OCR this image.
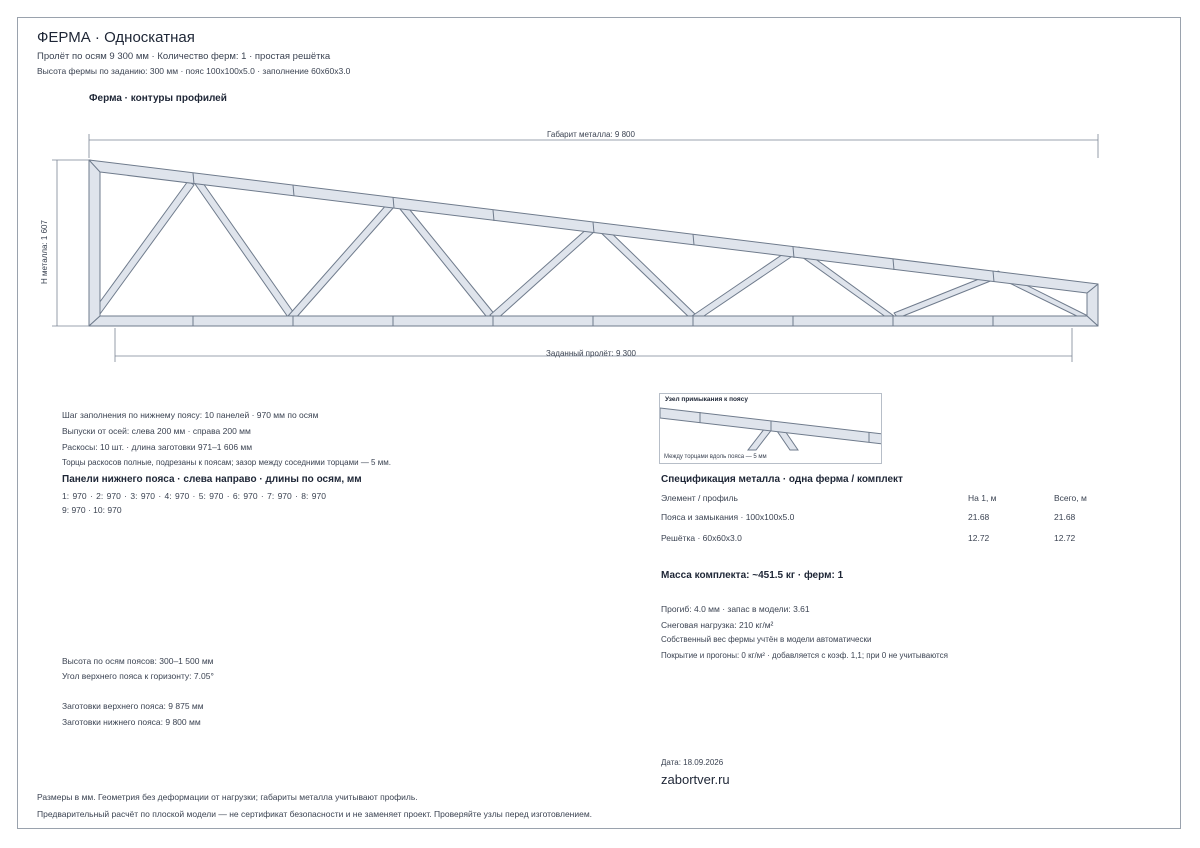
ФЕРМА · Односкатная
Пролёт по осям 9 300 мм · Количество ферм: 1 · простая решётка
Высота фермы по заданию: 300 мм · пояс 100х100х5.0 · заполнение 60х60х3.0
Ферма · контуры профилей
Габарит металла: 9 800
Н металла: 1 607
Заданный пролёт: 9 300
Шаг заполнения по нижнему поясу: 10 панелей · 970 мм по осям
Выпуски от осей: слева 200 мм · справа 200 мм
Раскосы: 10 шт. · длина заготовки 971–1 606 мм
Торцы раскосов полные, подрезаны к поясам; зазор между соседними торцами — 5 мм.
Панели нижнего пояса · слева направо · длины по осям, мм
1: 970 · 2: 970 · 3: 970 · 4: 970 · 5: 970 · 6: 970 · 7: 970 · 8: 970
9: 970 · 10: 970
Высота по осям поясов: 300–1 500 мм
Угол верхнего пояса к горизонту: 7.05°
Заготовки верхнего пояса: 9 875 мм
Заготовки нижнего пояса: 9 800 мм
Узел примыкания к поясу
Между торцами вдоль пояса — 5 мм
Спецификация металла · одна ферма / комплект
Элемент / профиль	На 1, м	Всего, м
Пояса и замыкания · 100х100х5.0	21.68	21.68
Решётка · 60х60х3.0	12.72	12.72
Масса комплекта: ~451.5 кг · ферм: 1
Прогиб: 4.0 мм · запас в модели: 3.61
Снеговая нагрузка: 210 кг/м²
Собственный вес фермы учтён в модели автоматически
Покрытие и прогоны: 0 кг/м² · добавляется с коэф. 1,1; при 0 не учитываются
Дата: 18.09.2026
zabortver.ru
Размеры в мм. Геометрия без деформации от нагрузки; габариты металла учитывают профиль.
Предварительный расчёт по плоской модели — не сертификат безопасности и не заменяет проект. Проверяйте узлы перед изготовлением.
